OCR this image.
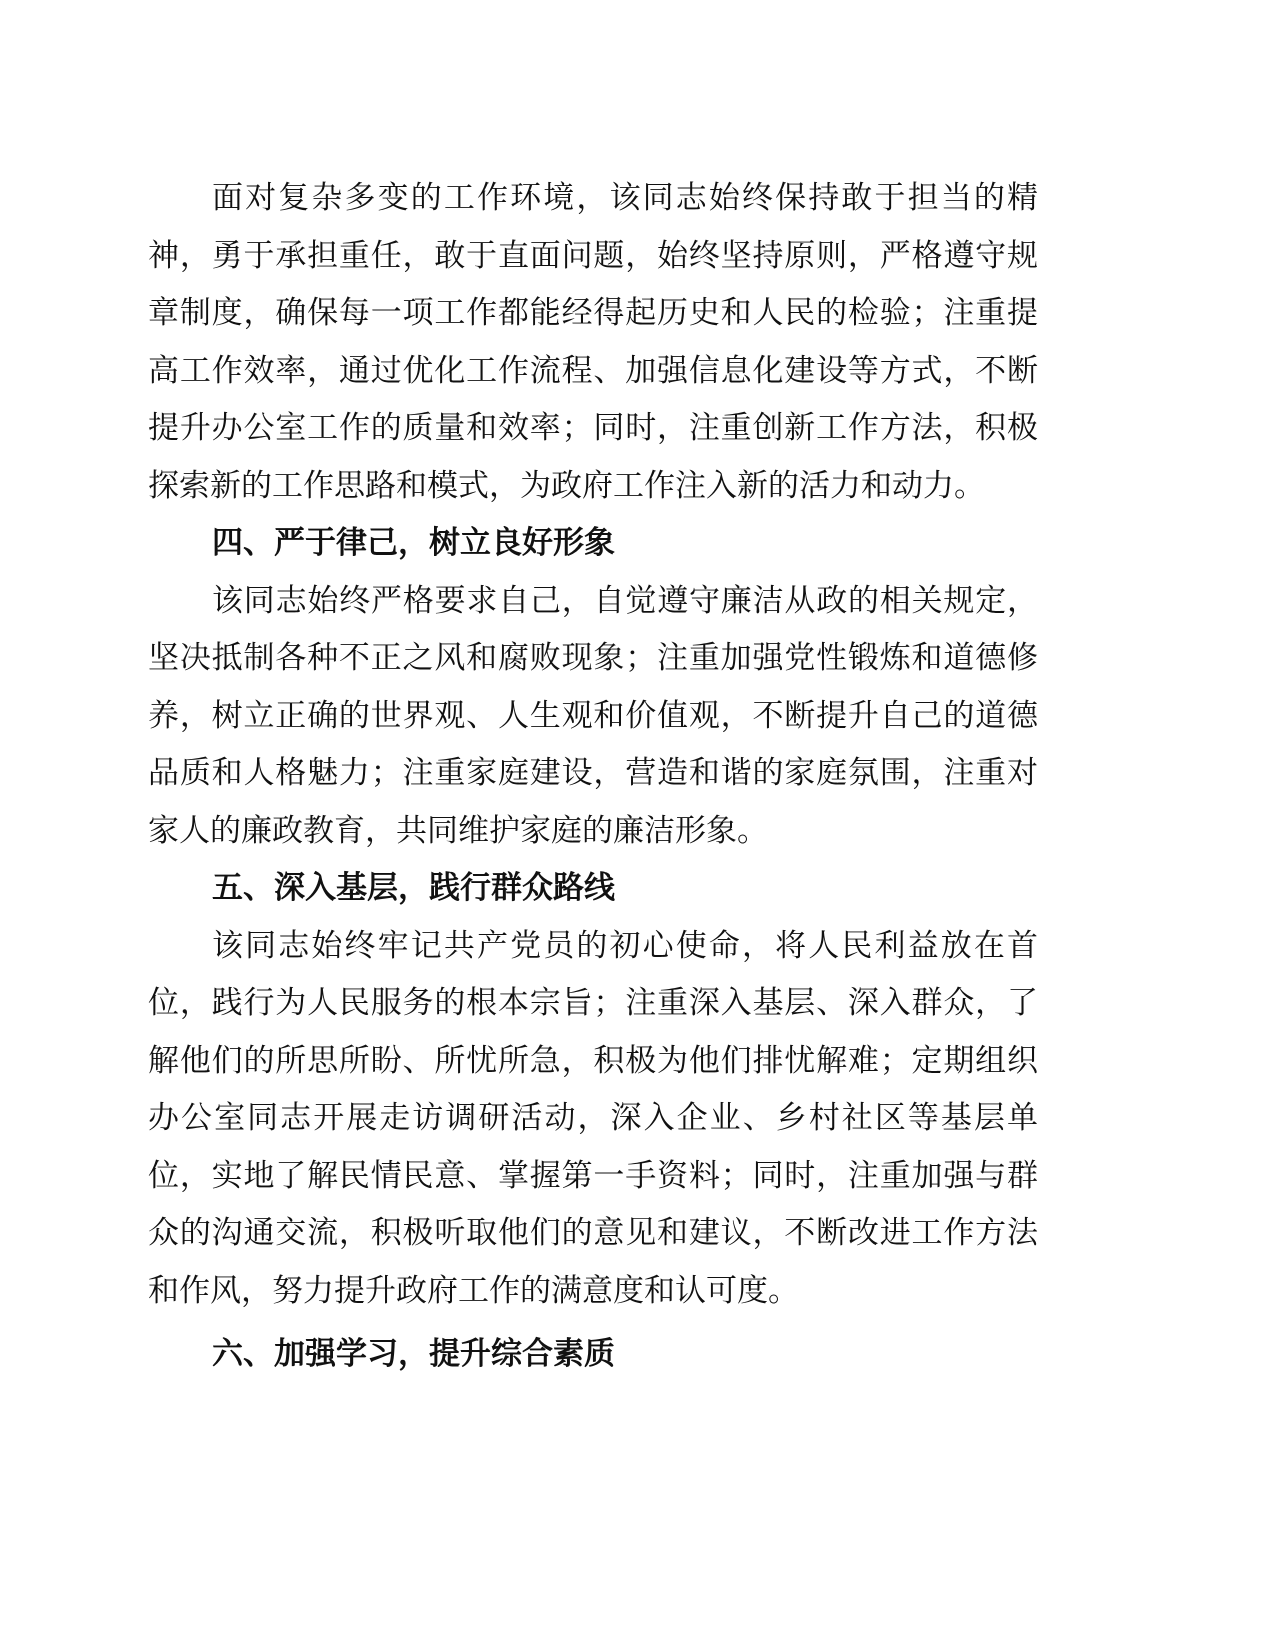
面对复杂多变的工作环境，该同志始终保持敢于担当的精
神，勇于承担重任，敢于直面问题，始终坚持原则，严格遵守规
章制度，确保每一项工作都能经得起历史和人民的检验；注重提
高工作效率，通过优化工作流程、加强信息化建设等方式，不断
提升办公室工作的质量和效率；同时，注重创新工作方法，积极
探索新的工作思路和模式，为政府工作注入新的活力和动力。
四、严于律己，树立良好形象
该同志始终严格要求自己，自觉遵守廉洁从政的相关规定，
坚决抵制各种不正之风和腐败现象；注重加强党性锻炼和道德修
养，树立正确的世界观、人生观和价值观，不断提升自己的道德
品质和人格魅力；注重家庭建设，营造和谐的家庭氛围，注重对
家人的廉政教育，共同维护家庭的廉洁形象。
五、深入基层，践行群众路线
该同志始终牢记共产党员的初心使命，将人民利益放在首
位，践行为人民服务的根本宗旨；注重深入基层、深入群众，了
解他们的所思所盼、所忧所急，积极为他们排忧解难；定期组织
办公室同志开展走访调研活动，深入企业、乡村社区等基层单
位，实地了解民情民意、掌握第一手资料；同时，注重加强与群
众的沟通交流，积极听取他们的意见和建议，不断改进工作方法
和作风，努力提升政府工作的满意度和认可度。
六、加强学习，提升综合素质
